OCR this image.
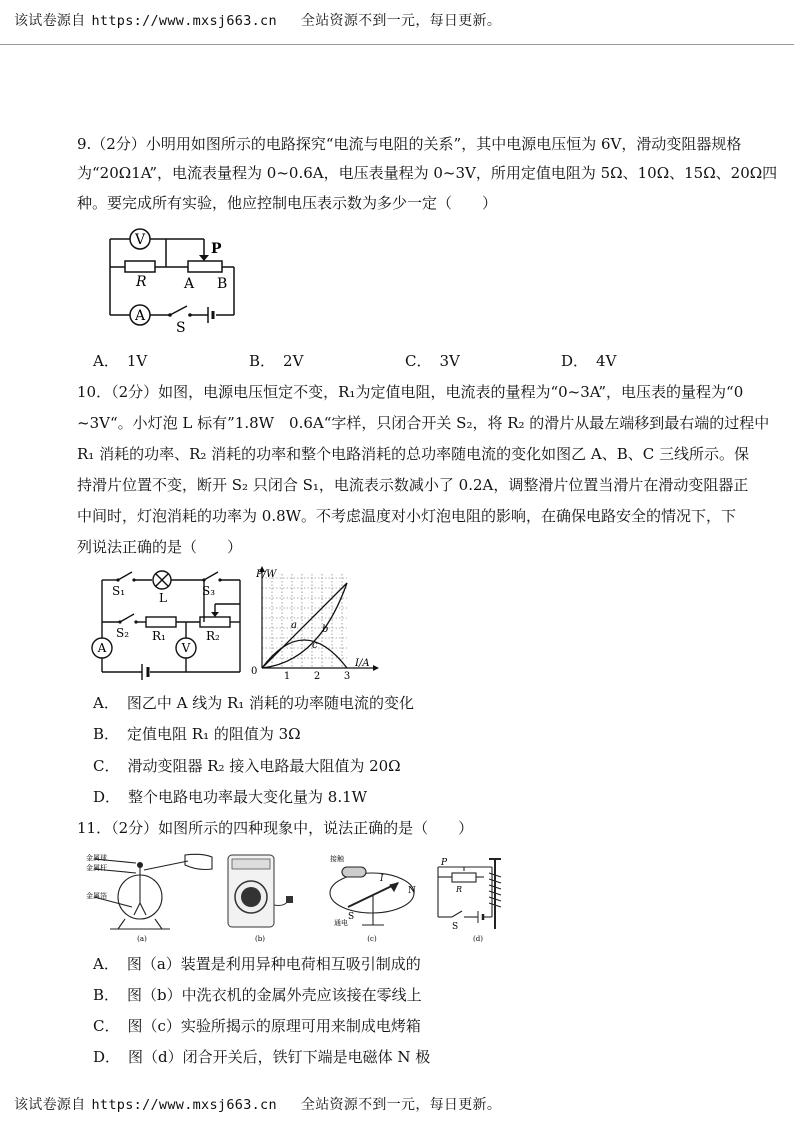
该试卷源自 https://www.mxsj663.cn 全站资源不到一元，每日更新。
9.（2分）小明用如图所示的电路探究“电流与电阻的关系”，其中电源电压恒为 6V，滑动变阻器规格
为“20Ω1A”，电流表量程为 0~0.6A，电压表量程为 0~3V，所用定值电阻为 5Ω、10Ω、15Ω、20Ω四
种。要完成所有实验，他应控制电压表示数为多少一定（　　）
V
A
R
P
A B
S
A． 1V	B． 2V	C． 3V	D． 4V
10．（2分）如图，电源电压恒定不变，R₁为定值电阻，电流表的量程为“0~3A”，电压表的量程为“0
~3V“。小灯泡 L 标有”1.8W　0.6A“字样，只闭合开关 S₂，将 R₂ 的滑片从最左端移到最右端的过程中
R₁ 消耗的功率、R₂ 消耗的功率和整个电路消耗的总功率随电流的变化如图乙 A、B、C 三线所示。保
持滑片位置不变，断开 S₂ 只闭合 S₁，电流表示数减小了 0.2A，调整滑片位置当滑片在滑动变阻器正
中间时，灯泡消耗的功率为 0.8W。不考虑温度对小灯泡电阻的影响，在确保电路安全的情况下，下
列说法正确的是（　　）
S₁	L	S₃
S₂ R₁	R₂
A	V
P/W
I/A
0	1 2 3
a	b
c
A． 图乙中 A 线为 R₁ 消耗的功率随电流的变化
B． 定值电阻 R₁ 的阻值为 3Ω
C． 滑动变阻器 R₂ 接入电路最大阻值为 20Ω
D． 整个电路电功率最大变化量为 8.1W
11．（2分）如图所示的四种现象中，说法正确的是（　　）
金属球
金属杆
金属箔
接触
通电
S
N
I
P
R
S
(a)	(b)	(c)	(d)
A． 图（a）装置是利用异种电荷相互吸引制成的
B． 图（b）中洗衣机的金属外壳应该接在零线上
C． 图（c）实验所揭示的原理可用来制成电烤箱
D． 图（d）闭合开关后，铁钉下端是电磁体 N 极
该试卷源自 https://www.mxsj663.cn 全站资源不到一元，每日更新。
